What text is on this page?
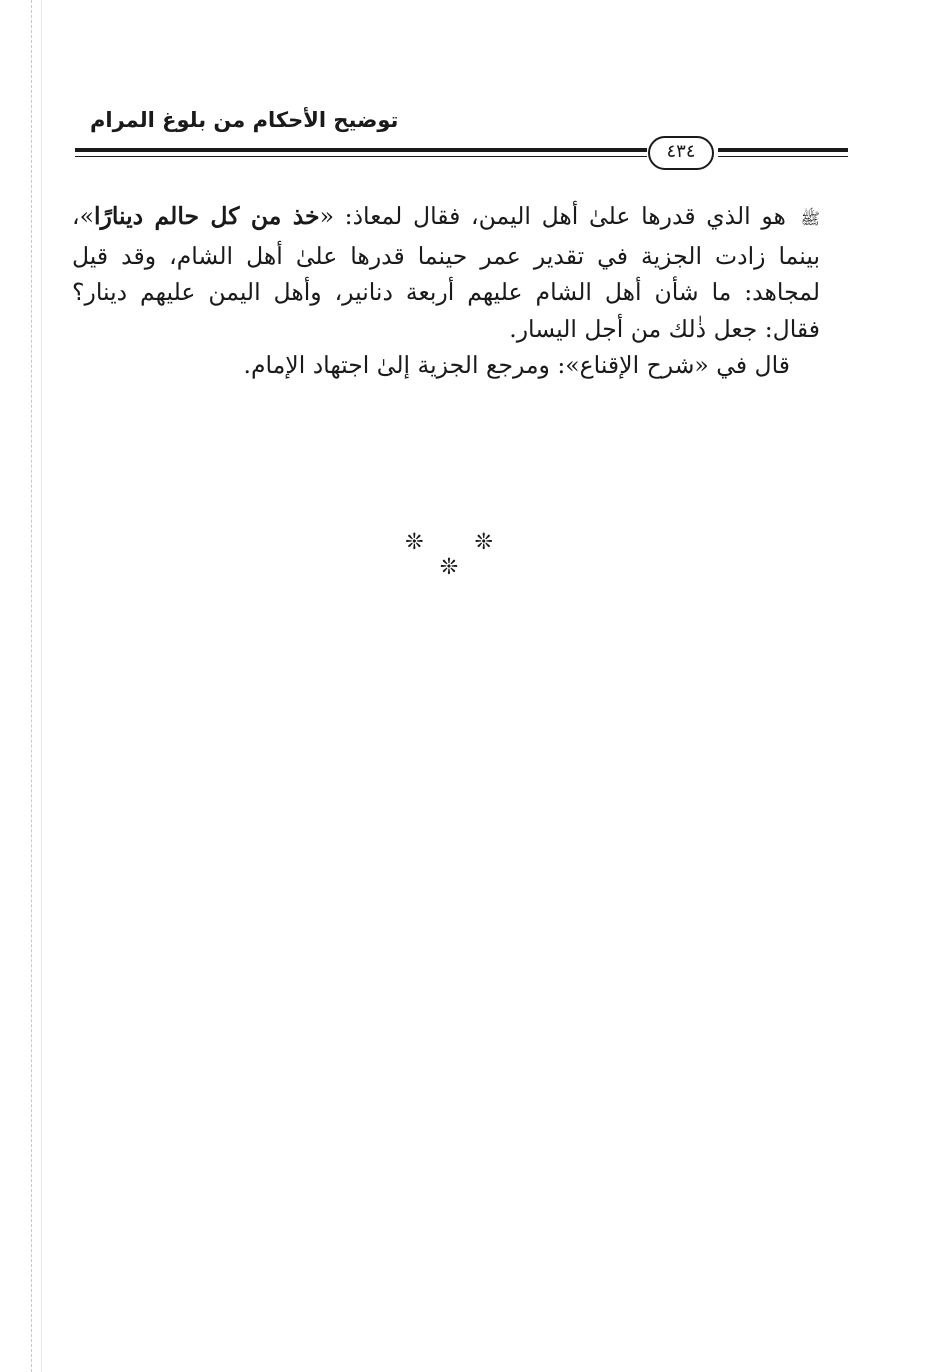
توضيح الأحكام من بلوغ المرام
٤٣٤
ﷺ هو الذي قدرها علىٰ أهل اليمن، فقال لمعاذ: «خذ من كل حالم دينارًا»، بينما زادت الجزية في تقدير عمر حينما قدرها علىٰ أهل الشام، وقد قيل لمجاهد: ما شأن أهل الشام عليهم أربعة دنانير، وأهل اليمن عليهم دينار؟ فقال: جعل ذٰلك من أجل اليسار.
قال في «شرح الإقناع»: ومرجع الجزية إلىٰ اجتهاد الإمام.
❊ ❊ ❊
